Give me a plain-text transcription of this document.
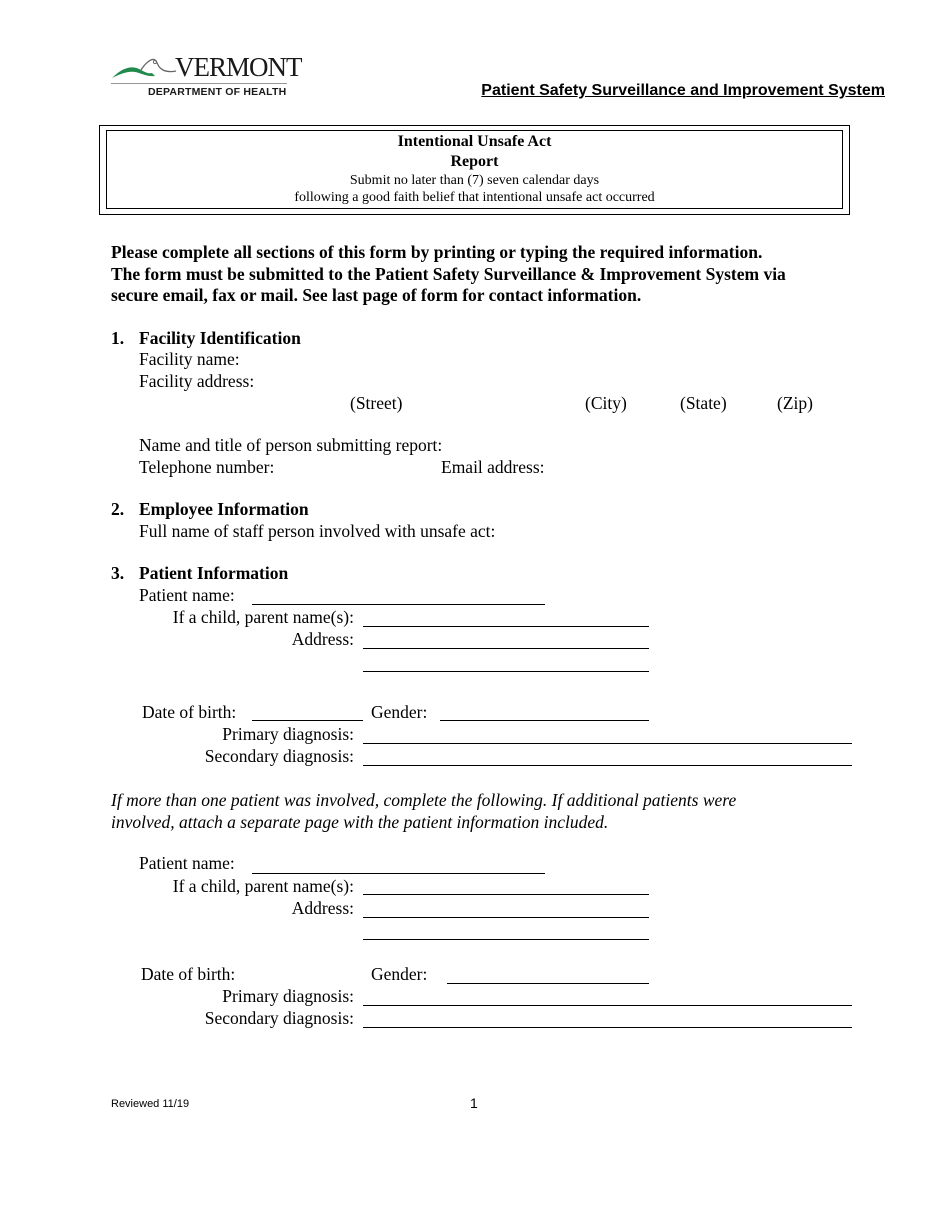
VERMONT
DEPARTMENT OF HEALTH	Patient Safety Surveillance and Improvement System
Intentional Unsafe Act
Report
Submit no later than (7) seven calendar days
following a good faith belief that intentional unsafe act occurred
Please complete all sections of this form by printing or typing the required information.
The form must be submitted to the Patient Safety Surveillance & Improvement System via
secure email, fax or mail. See last page of form for contact information.
1. Facility Identification
Facility name:
Facility address:
(Street)	(City)	(State)	(Zip)
Name and title of person submitting report:
Telephone number:	Email address:
2. Employee Information
Full name of staff person involved with unsafe act:
3. Patient Information
Patient name:
If a child, parent name(s):
Address:
Date of birth:	Gender:
Primary diagnosis:
Secondary diagnosis:
If more than one patient was involved, complete the following. If additional patients were
involved, attach a separate page with the patient information included.
Patient name:
If a child, parent name(s):
Address:
Date of birth:	Gender:
Primary diagnosis:
Secondary diagnosis:
Reviewed 11/19	1
